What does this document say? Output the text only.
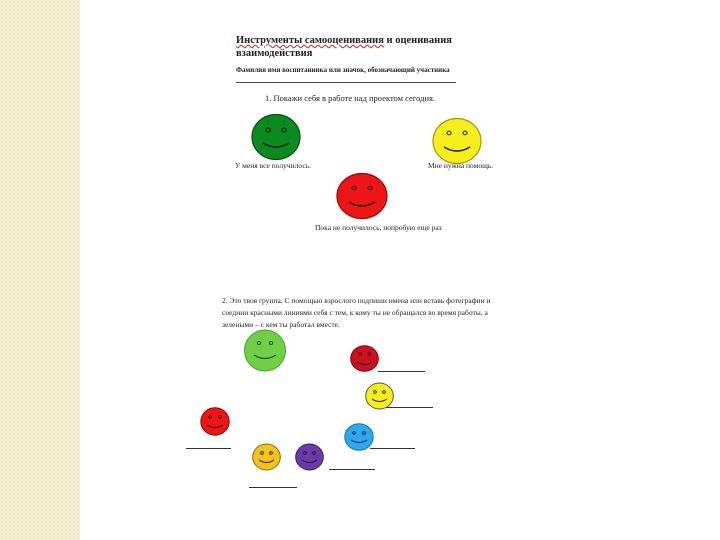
Инструменты самооценивания и оценивания взаимодействия
Фамилия имя воспитанника или значок, обозначающий участника
1. Покажи себя в работе над проектом сегодня.
У меня все получилось.	Мне нужна помощь.
Пока не получилось, попробую еще раз
2. Это твоя группа. С помощью взрослого подпиши имена или вставь фотографии и соедини красными линиями себя с тем, к кому ты не обращался во время работы, а зелеными – с кем ты работал вместе.
